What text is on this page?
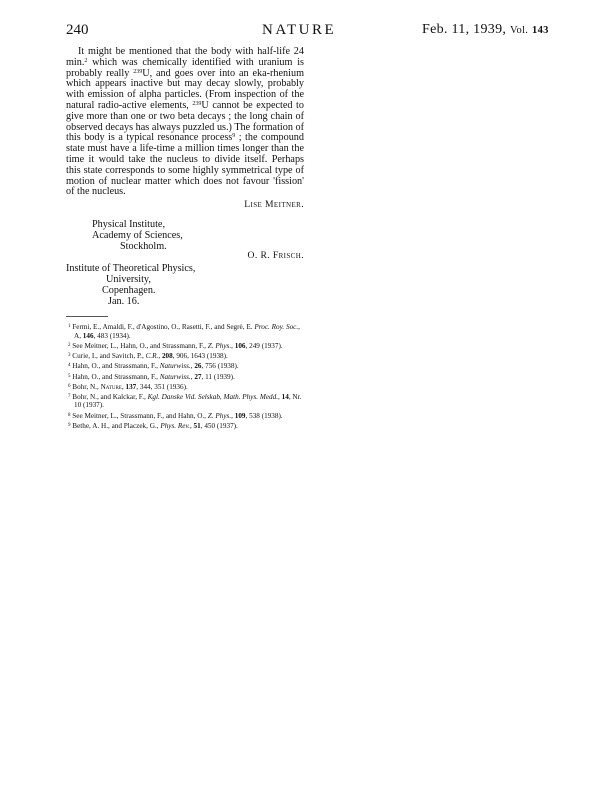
240	NATURE	Feb. 11, 1939, Vol. 143

It might be mentioned that the body with half-life 24 min.$^2$ which was chemically identified with uranium is probably really $^{239}$U, and goes over into an eka-rhenium which appears inactive but may decay slowly, probably with emission of alpha particles. (From inspection of the natural radio-active elements, $^{239}$U cannot be expected to give more than one or two beta decays ; the long chain of observed decays has always puzzled us.) The formation of this body is a typical resonance process$^9$ ; the compound state must have a life-time a million times longer than the time it would take the nucleus to divide itself. Perhaps this state corresponds to some highly symmetrical type of motion of nuclear matter which does not favour 'fission' of the nucleus.

Lise Meitner.
Physical Institute,
Academy of Sciences,
Stockholm.
O. R. Frisch.
Institute of Theoretical Physics,
University,
Copenhagen.
Jan. 16.

$^1$ Fermi, E., Amaldi, F., d'Agostino, O., Rasetti, F., and Segrè, E. Proc. Roy. Soc., A, 146, 483 (1934).

$^2$ See Meitner, L., Hahn, O., and Strassmann, F., Z. Phys., 106, 249 (1937).

$^3$ Curie, I., and Savitch, P., C.R., 208, 906, 1643 (1938).

$^4$ Hahn, O., and Strassmann, F., Naturwiss., 26, 756 (1938).

$^5$ Hahn, O., and Strassmann, F., Naturwiss., 27, 11 (1939).

$^6$ Bohr, N., Nature, 137, 344, 351 (1936).

$^7$ Bohr, N., and Kalckar, F., Kgl. Danske Vid. Selskab, Math. Phys. Medd., 14, Nr. 10 (1937).

$^8$ See Meitner, L., Strassmann, F., and Hahn, O., Z. Phys., 109, 538 (1938).

$^9$ Bethe, A. H., and Placzek, G., Phys. Rev., 51, 450 (1937).
